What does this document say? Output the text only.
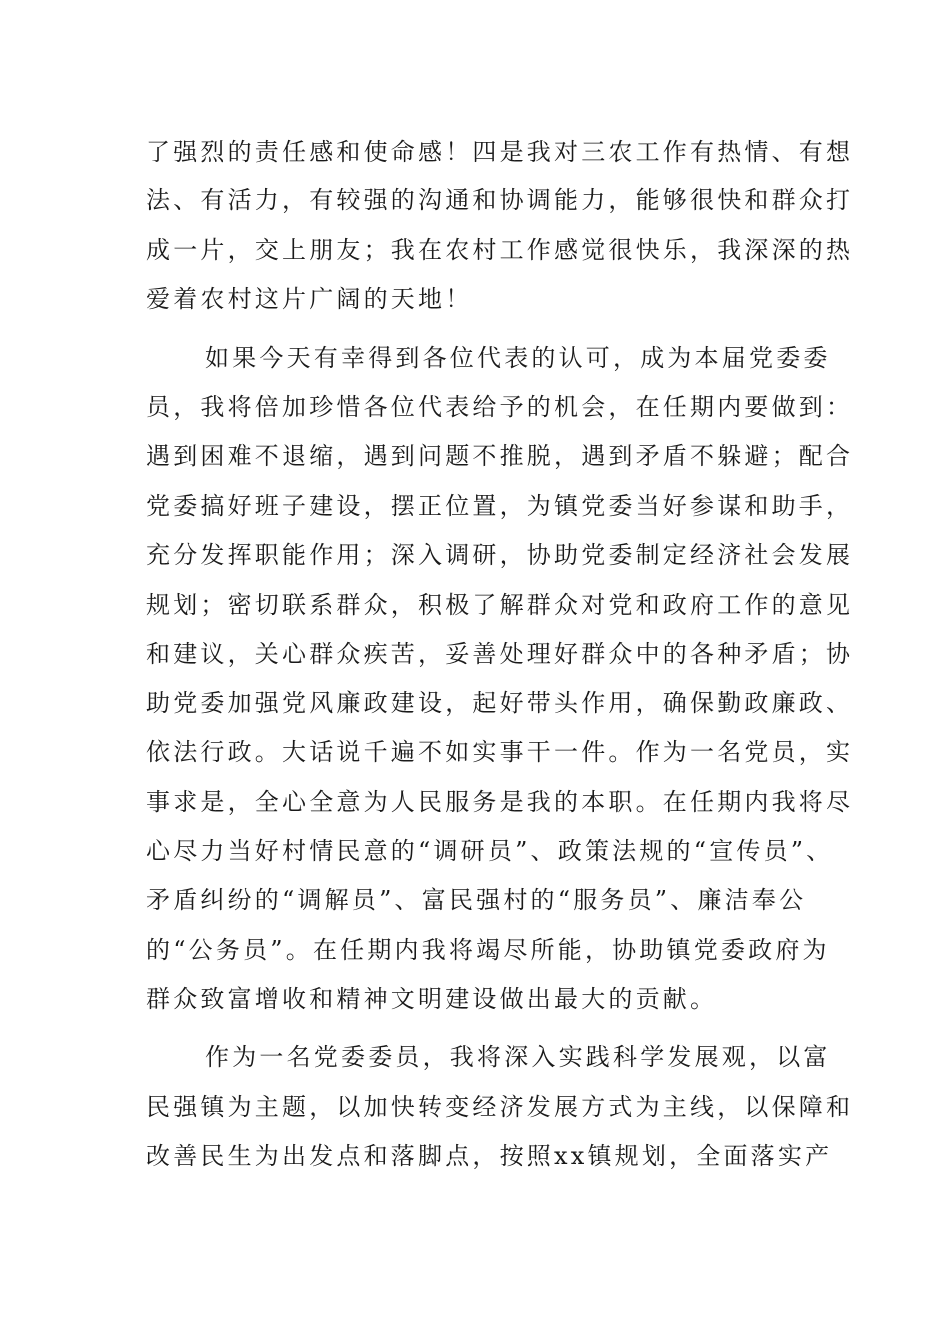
了强烈的责任感和使命感！四是我对三农工作有热情、有想
法、有活力，有较强的沟通和协调能力，能够很快和群众打
成一片，交上朋友；我在农村工作感觉很快乐，我深深的热
爱着农村这片广阔的天地！
如果今天有幸得到各位代表的认可，成为本届党委委
员，我将倍加珍惜各位代表给予的机会，在任期内要做到：
遇到困难不退缩，遇到问题不推脱，遇到矛盾不躲避；配合
党委搞好班子建设，摆正位置，为镇党委当好参谋和助手，
充分发挥职能作用；深入调研，协助党委制定经济社会发展
规划；密切联系群众，积极了解群众对党和政府工作的意见
和建议，关心群众疾苦，妥善处理好群众中的各种矛盾；协
助党委加强党风廉政建设，起好带头作用，确保勤政廉政、
依法行政。大话说千遍不如实事干一件。作为一名党员，实
事求是，全心全意为人民服务是我的本职。在任期内我将尽
心尽力当好村情民意的“调研员”、政策法规的“宣传员”、
矛盾纠纷的“调解员”、富民强村的“服务员”、廉洁奉公
的“公务员”。在任期内我将竭尽所能，协助镇党委政府为
群众致富增收和精神文明建设做出最大的贡献。
作为一名党委委员，我将深入实践科学发展观，以富
民强镇为主题，以加快转变经济发展方式为主线，以保障和
改善民生为出发点和落脚点，按照xx镇规划，全面落实产
